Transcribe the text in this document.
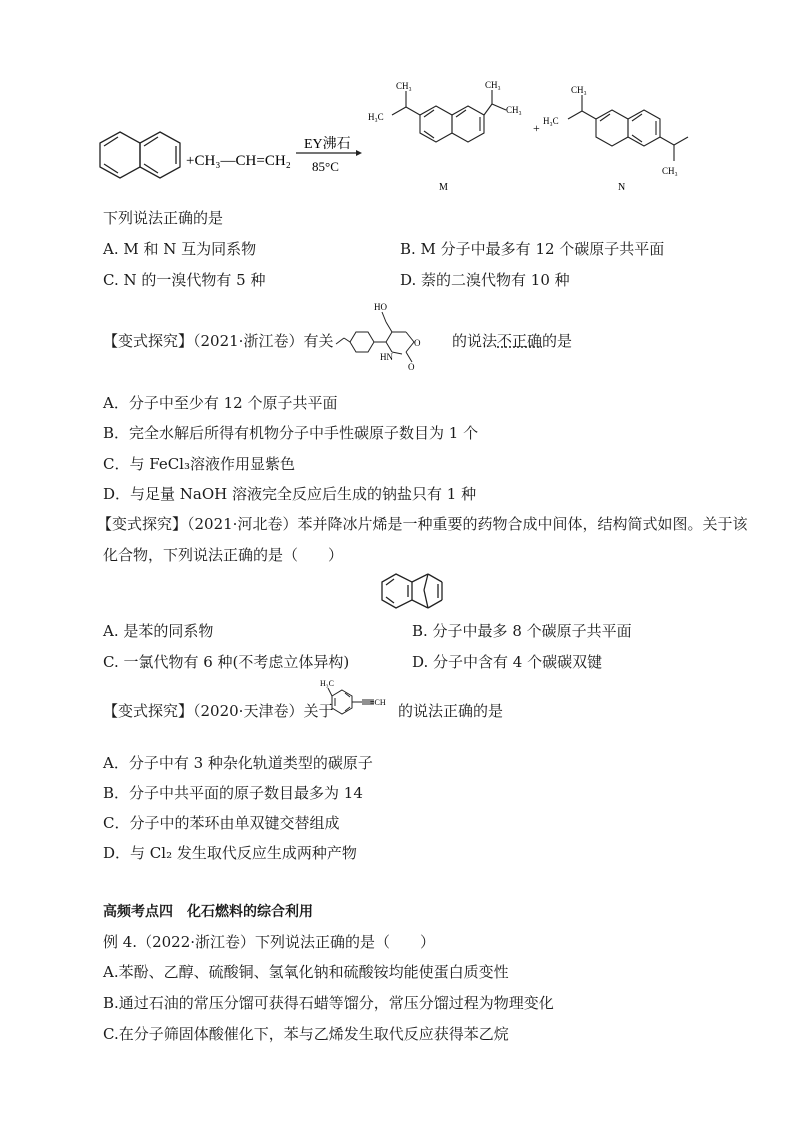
+CH₃—CH=CH₂
EY沸石
85°C
CH₃
H₃C
CH₃
CH₃
M
+
CH₃
H₃C
CH₃
N
下列说法正确的是
A. M 和 N 互为同系物	B. M 分子中最多有 12 个碳原子共平面
C. N 的一溴代物有 5 种	D. 萘的二溴代物有 10 种
【变式探究】（2021·浙江卷）有关
HO
O
HN
O
的说法不正确的是
A．分子中至少有 12 个原子共平面
B．完全水解后所得有机物分子中手性碳原子数目为 1 个
C．与 FeCl₃溶液作用显紫色
D．与足量 NaOH 溶液完全反应后生成的钠盐只有 1 种
【变式探究】（2021·河北卷）苯并降冰片烯是一种重要的药物合成中间体，结构简式如图。关于该
化合物，下列说法正确的是（　　）
A. 是苯的同系物	B. 分子中最多 8 个碳原子共平面
C. 一氯代物有 6 种(不考虑立体异构)	D. 分子中含有 4 个碳碳双键
【变式探究】（2020·天津卷）关于
H₃C
≡CH 的说法正确的是
A．分子中有 3 种杂化轨道类型的碳原子
B．分子中共平面的原子数目最多为 14
C．分子中的苯环由单双键交替组成
D．与 Cl₂ 发生取代反应生成两种产物
高频考点四　化石燃料的综合利用
例 4.（2022·浙江卷）下列说法正确的是（　　）
A.苯酚、乙醇、硫酸铜、氢氧化钠和硫酸铵均能使蛋白质变性
B.通过石油的常压分馏可获得石蜡等馏分，常压分馏过程为物理变化
C.在分子筛固体酸催化下，苯与乙烯发生取代反应获得苯乙烷
